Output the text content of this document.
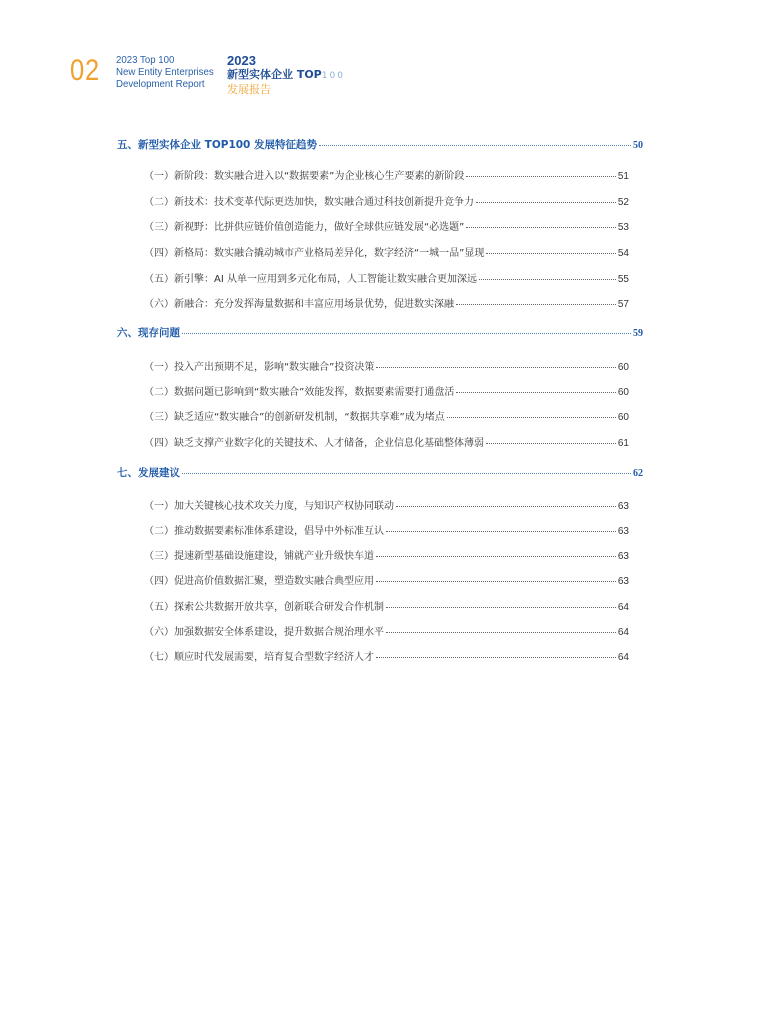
02 2023 Top 100
New Entity Enterprises
Development Report
2023
新型实体企业 TOP100
发展报告
五、新型实体企业 TOP100 发展特征趋势	50
（一）新阶段：数实融合进入以“数据要素”为企业核心生产要素的新阶段	51
（二）新技术：技术变革代际更迭加快，数实融合通过科技创新提升竞争力	52
（三）新视野：比拼供应链价值创造能力，做好全球供应链发展“必选题”	53
（四）新格局：数实融合撬动城市产业格局差异化，数字经济“一城一品”显现	54
（五）新引擎：AI 从单一应用到多元化布局，人工智能让数实融合更加深远	55
（六）新融合：充分发挥海量数据和丰富应用场景优势，促进数实深融	57
六、现存问题	59
（一）投入产出预期不足，影响“数实融合”投资决策	60
（二）数据问题已影响到“数实融合”效能发挥，数据要素需要打通盘活	60
（三）缺乏适应“数实融合”的创新研发机制，“数据共享难”成为堵点	60
（四）缺乏支撑产业数字化的关键技术、人才储备，企业信息化基础整体薄弱	61
七、发展建议	62
（一）加大关键核心技术攻关力度，与知识产权协同联动	63
（二）推动数据要素标准体系建设，倡导中外标准互认	63
（三）提速新型基础设施建设，铺就产业升级快车道	63
（四）促进高价值数据汇聚，塑造数实融合典型应用	63
（五）探索公共数据开放共享，创新联合研发合作机制	64
（六）加强数据安全体系建设，提升数据合规治理水平	64
（七）顺应时代发展需要，培育复合型数字经济人才	64
